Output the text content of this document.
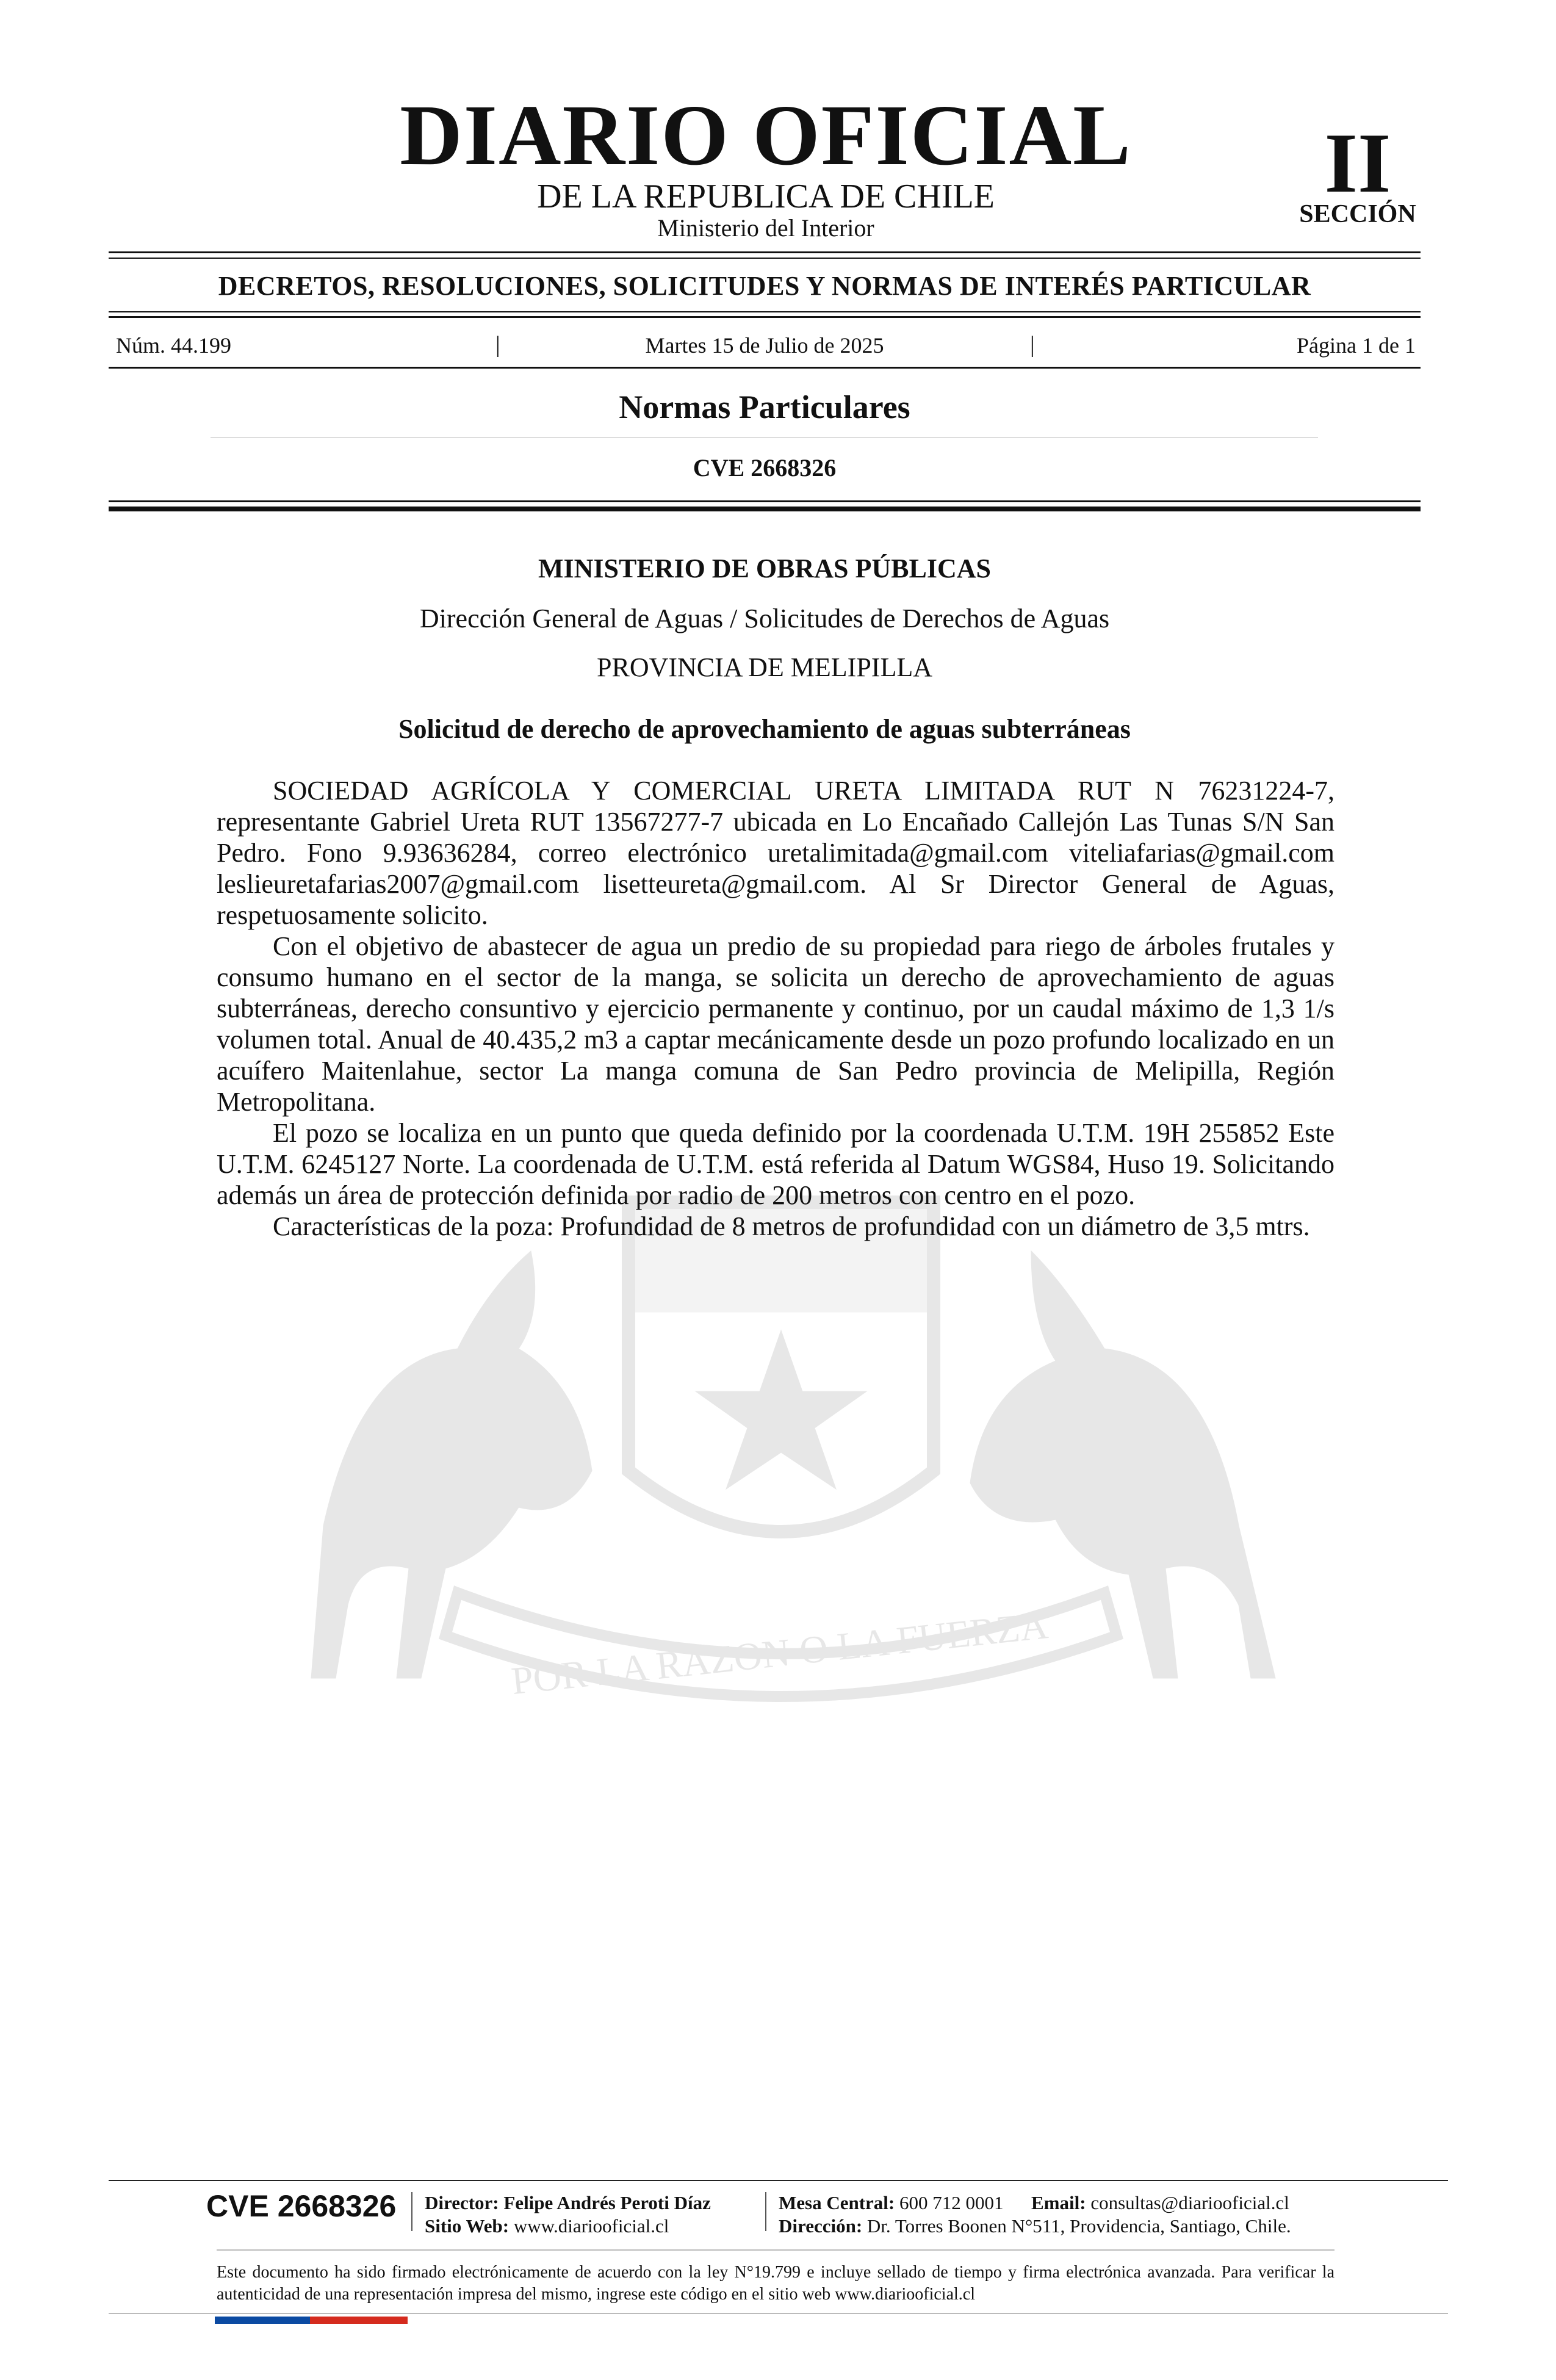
POR LA RAZON O LA FUERZA
DIARIO OFICIAL
DE LA REPUBLICA DE CHILE
Ministerio del Interior
II
SECCIÓN
DECRETOS, RESOLUCIONES, SOLICITUDES Y NORMAS DE INTERÉS PARTICULAR
Núm. 44.199	|	Martes 15 de Julio de 2025	|	Página 1 de 1
Normas Particulares
CVE 2668326
MINISTERIO DE OBRAS PÚBLICAS
Dirección General de Aguas / Solicitudes de Derechos de Aguas
PROVINCIA DE MELIPILLA
Solicitud de derecho de aprovechamiento de aguas subterráneas

SOCIEDAD AGRÍCOLA Y COMERCIAL URETA LIMITADA RUT N 76231224-7, representante Gabriel Ureta RUT 13567277-7 ubicada en Lo Encañado Callejón Las Tunas S/N San Pedro. Fono 9.93636284, correo electrónico uretalimitada@gmail.com viteliafarias@gmail.com leslieuretafarias2007@gmail.com lisetteureta@gmail.com. Al Sr Director General de Aguas, respetuosamente solicito.

Con el objetivo de abastecer de agua un predio de su propiedad para riego de árboles frutales y consumo humano en el sector de la manga, se solicita un derecho de aprovechamiento de aguas subterráneas, derecho consuntivo y ejercicio permanente y continuo, por un caudal máximo de 1,3 1/s volumen total. Anual de 40.435,2 m3 a captar mecánicamente desde un pozo profundo localizado en un acuífero Maitenlahue, sector La manga comuna de San Pedro provincia de Melipilla, Región Metropolitana.

El pozo se localiza en un punto que queda definido por la coordenada U.T.M. 19H 255852 Este U.T.M. 6245127 Norte. La coordenada de U.T.M. está referida al Datum WGS84, Huso 19. Solicitando además un área de protección definida por radio de 200 metros con centro en el pozo.

Características de la poza: Profundidad de 8 metros de profundidad con un diámetro de 3,5 mtrs.

CVE 2668326 Director: Felipe Andrés Peroti Díaz
Sitio Web: www.diariooficial.cl
Mesa Central: 600 712 0001 Email: consultas@diariooficial.cl
Dirección: Dr. Torres Boonen N°511, Providencia, Santiago, Chile.
Este documento ha sido firmado electrónicamente de acuerdo con la ley N°19.799 e incluye sellado de tiempo y firma electrónica avanzada. Para verificar la autenticidad de una representación impresa del mismo, ingrese este código en el sitio web www.diariooficial.cl
